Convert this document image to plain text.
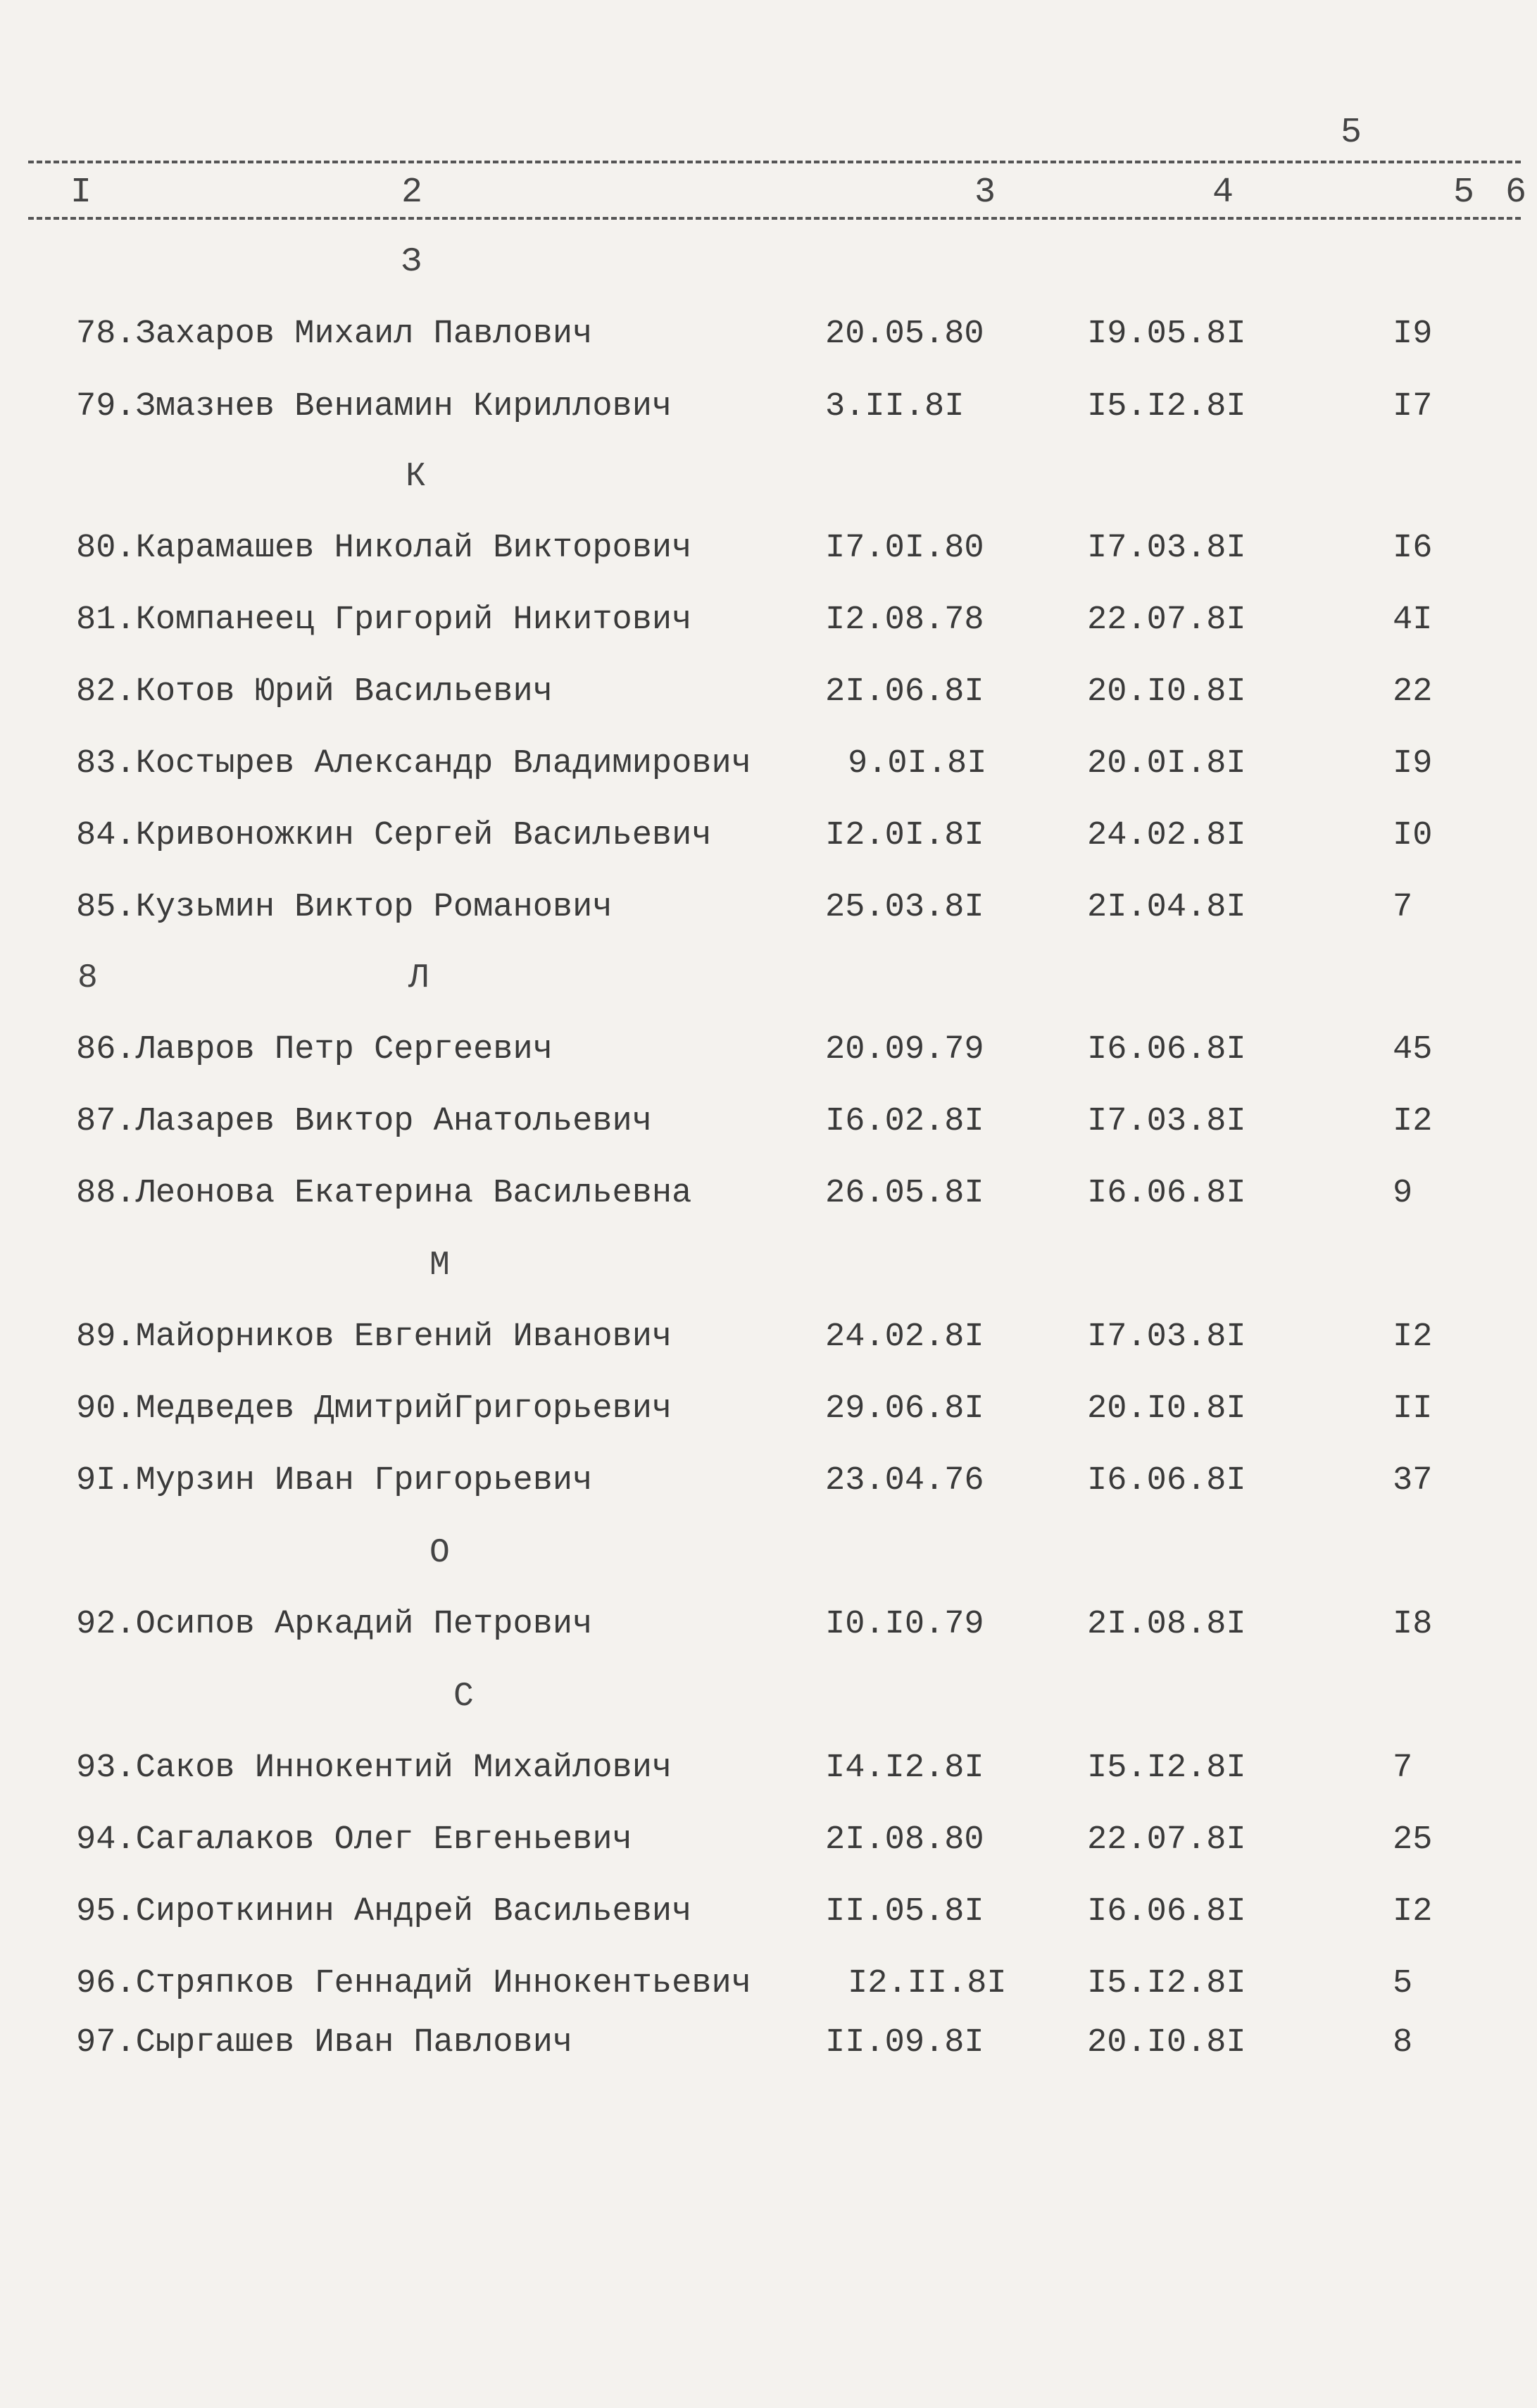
5
I	2	3	4	5 6
З
78.Захаров Михаил Павлович	20.05.80	I9.05.8I	I9
79.Змазнев Вениамин Кириллович	3.II.8I	I5.I2.8I	I7
К
80.Карамашев Николай Викторович	I7.0I.80	I7.03.8I	I6
81.Компанеец Григорий Никитович	I2.08.78	22.07.8I	4I
82.Котов Юрий Васильевич	2I.06.8I	20.I0.8I	22
83.Костырев Александр Владимирович	9.0I.8I	20.0I.8I	I9
84.Кривоножкин Сергей Васильевич	I2.0I.8I	24.02.8I	I0
85.Кузьмин Виктор Романович	25.03.8I	2I.04.8I	7
8	Л
86.Лавров Петр Сергеевич	20.09.79	I6.06.8I	45
87.Лазарев Виктор Анатольевич	I6.02.8I	I7.03.8I	I2
88.Леонова Екатерина Васильевна	26.05.8I	I6.06.8I	9
М
89.Майорников Евгений Иванович	24.02.8I	I7.03.8I	I2
90.Медведев ДмитрийГригорьевич	29.06.8I	20.I0.8I	II
9I.Мурзин Иван Григорьевич	23.04.76	I6.06.8I	37
О
92.Осипов Аркадий Петрович	I0.I0.79	2I.08.8I	I8
С
93.Саков Иннокентий Михайлович	I4.I2.8I	I5.I2.8I	7
94.Сагалаков Олег Евгеньевич	2I.08.80	22.07.8I	25
95.Сироткинин Андрей Васильевич	II.05.8I	I6.06.8I	I2
96.Стряпков Геннадий Иннокентьевич	I2.II.8I I5.I2.8I	5
97.Сыргашев Иван Павлович	II.09.8I	20.I0.8I	8
